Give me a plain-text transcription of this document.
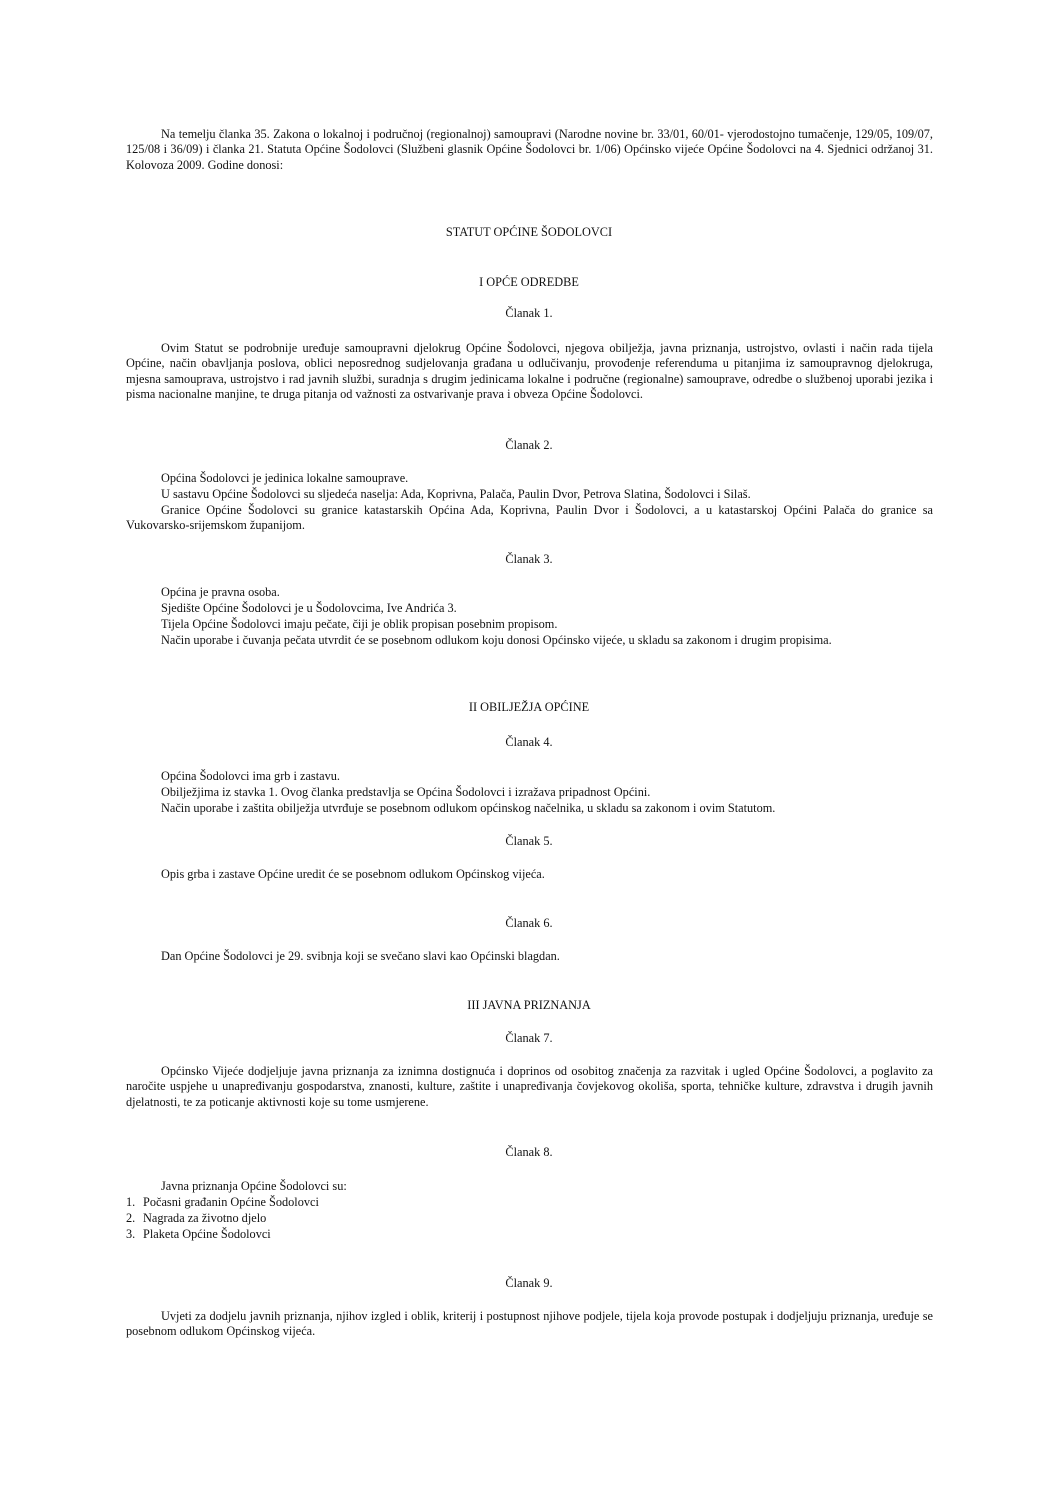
Na temelju članka 35. Zakona o lokalnoj i područnoj (regionalnoj) samoupravi (Narodne novine br. 33/01, 60/01- vjerodostojno tumačenje, 129/05, 109/07, 125/08 i 36/09) i članka 21. Statuta Općine Šodolovci (Službeni glasnik Općine Šodolovci br. 1/06) Općinsko vijeće Općine Šodolovci na 4. Sjednici održanoj 31. Kolovoza 2009. Godine donosi:

STATUT OPĆINE ŠODOLOVCI

I OPĆE ODREDBE

Članak 1.

Ovim Statut se podrobnije uređuje samoupravni djelokrug Općine Šodolovci, njegova obilježja, javna priznanja, ustrojstvo, ovlasti i način rada tijela Općine, način obavljanja poslova, oblici neposrednog sudjelovanja građana u odlučivanju, provođenje referenduma u pitanjima iz samoupravnog djelokruga, mjesna samouprava, ustrojstvo i rad javnih službi, suradnja s drugim jedinicama lokalne i područne (regionalne) samouprave, odredbe o službenoj uporabi jezika i pisma nacionalne manjine, te druga pitanja od važnosti za ostvarivanje prava i obveza Općine Šodolovci.

Članak 2.

Općina Šodolovci je jedinica lokalne samouprave.

U sastavu Općine Šodolovci su sljedeća naselja: Ada, Koprivna, Palača, Paulin Dvor, Petrova Slatina, Šodolovci i Silaš.

Granice Općine Šodolovci su granice katastarskih Općina Ada, Koprivna, Paulin Dvor i Šodolovci, a u katastarskoj Općini Palača do granice sa Vukovarsko-srijemskom županijom.

Članak 3.

Općina je pravna osoba.

Sjedište Općine Šodolovci je u Šodolovcima, Ive Andrića 3.

Tijela Općine Šodolovci imaju pečate, čiji je oblik propisan posebnim propisom.

Način uporabe i čuvanja pečata utvrdit će se posebnom odlukom koju donosi Općinsko vijeće, u skladu sa zakonom i drugim propisima.

II OBILJEŽJA OPĆINE

Članak 4.

Općina Šodolovci ima grb i zastavu.

Obilježjima iz stavka 1. Ovog članka predstavlja se Općina Šodolovci i izražava pripadnost Općini.

Način uporabe i zaštita obilježja utvrđuje se posebnom odlukom općinskog načelnika, u skladu sa zakonom i ovim Statutom.

Članak 5.

Opis grba i zastave Općine uredit će se posebnom odlukom Općinskog vijeća.

Članak 6.

Dan Općine Šodolovci je 29. svibnja koji se svečano slavi kao Općinski blagdan.

III JAVNA PRIZNANJA

Članak 7.

Općinsko Vijeće dodjeljuje javna priznanja za iznimna dostignuća i doprinos od osobitog značenja za razvitak i ugled Općine Šodolovci, a poglavito za naročite uspjehe u unapređivanju gospodarstva, znanosti, kulture, zaštite i unapređivanja čovjekovog okoliša, sporta, tehničke kulture, zdravstva i drugih javnih djelatnosti, te za poticanje aktivnosti koje su tome usmjerene.

Članak 8.

Javna priznanja Općine Šodolovci su:

1. Počasni građanin Općine Šodolovci

2. Nagrada za životno djelo

3. Plaketa Općine Šodolovci

Članak 9.

Uvjeti za dodjelu javnih priznanja, njihov izgled i oblik, kriterij i postupnost njihove podjele, tijela koja provode postupak i dodjeljuju priznanja, uređuje se posebnom odlukom Općinskog vijeća.
